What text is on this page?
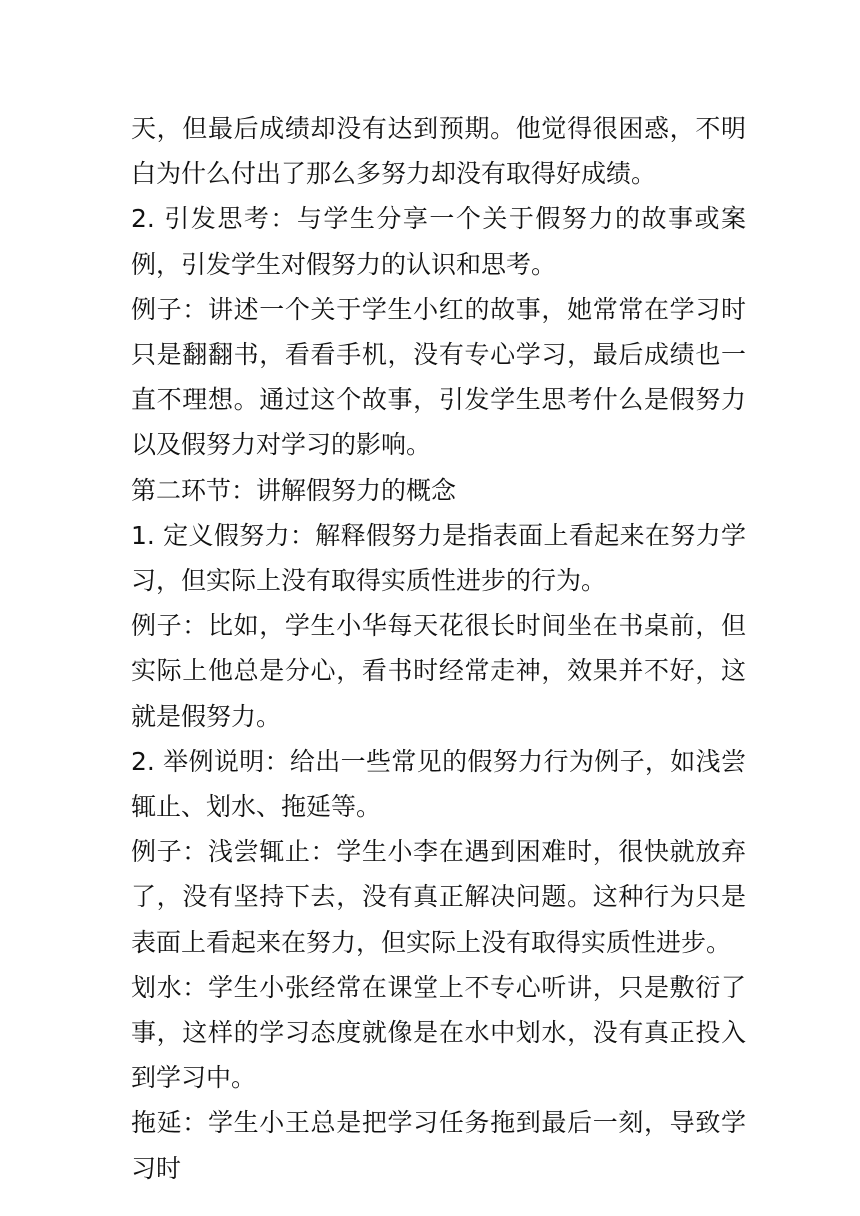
天，但最后成绩却没有达到预期。他觉得很困惑，不明白为什么付出了那么多努力却没有取得好成绩。

2. 引发思考：与学生分享一个关于假努力的故事或案例，引发学生对假努力的认识和思考。

例子：讲述一个关于学生小红的故事，她常常在学习时只是翻翻书，看看手机，没有专心学习，最后成绩也一直不理想。通过这个故事，引发学生思考什么是假努力以及假努力对学习的影响。

第二环节：讲解假努力的概念

1. 定义假努力：解释假努力是指表面上看起来在努力学习，但实际上没有取得实质性进步的行为。

例子：比如，学生小华每天花很长时间坐在书桌前，但实际上他总是分心，看书时经常走神，效果并不好，这就是假努力。

2. 举例说明：给出一些常见的假努力行为例子，如浅尝辄止、划水、拖延等。

例子：浅尝辄止：学生小李在遇到困难时，很快就放弃了，没有坚持下去，没有真正解决问题。这种行为只是表面上看起来在努力，但实际上没有取得实质性进步。

划水：学生小张经常在课堂上不专心听讲，只是敷衍了事，这样的学习态度就像是在水中划水，没有真正投入到学习中。

拖延：学生小王总是把学习任务拖到最后一刻，导致学习时
